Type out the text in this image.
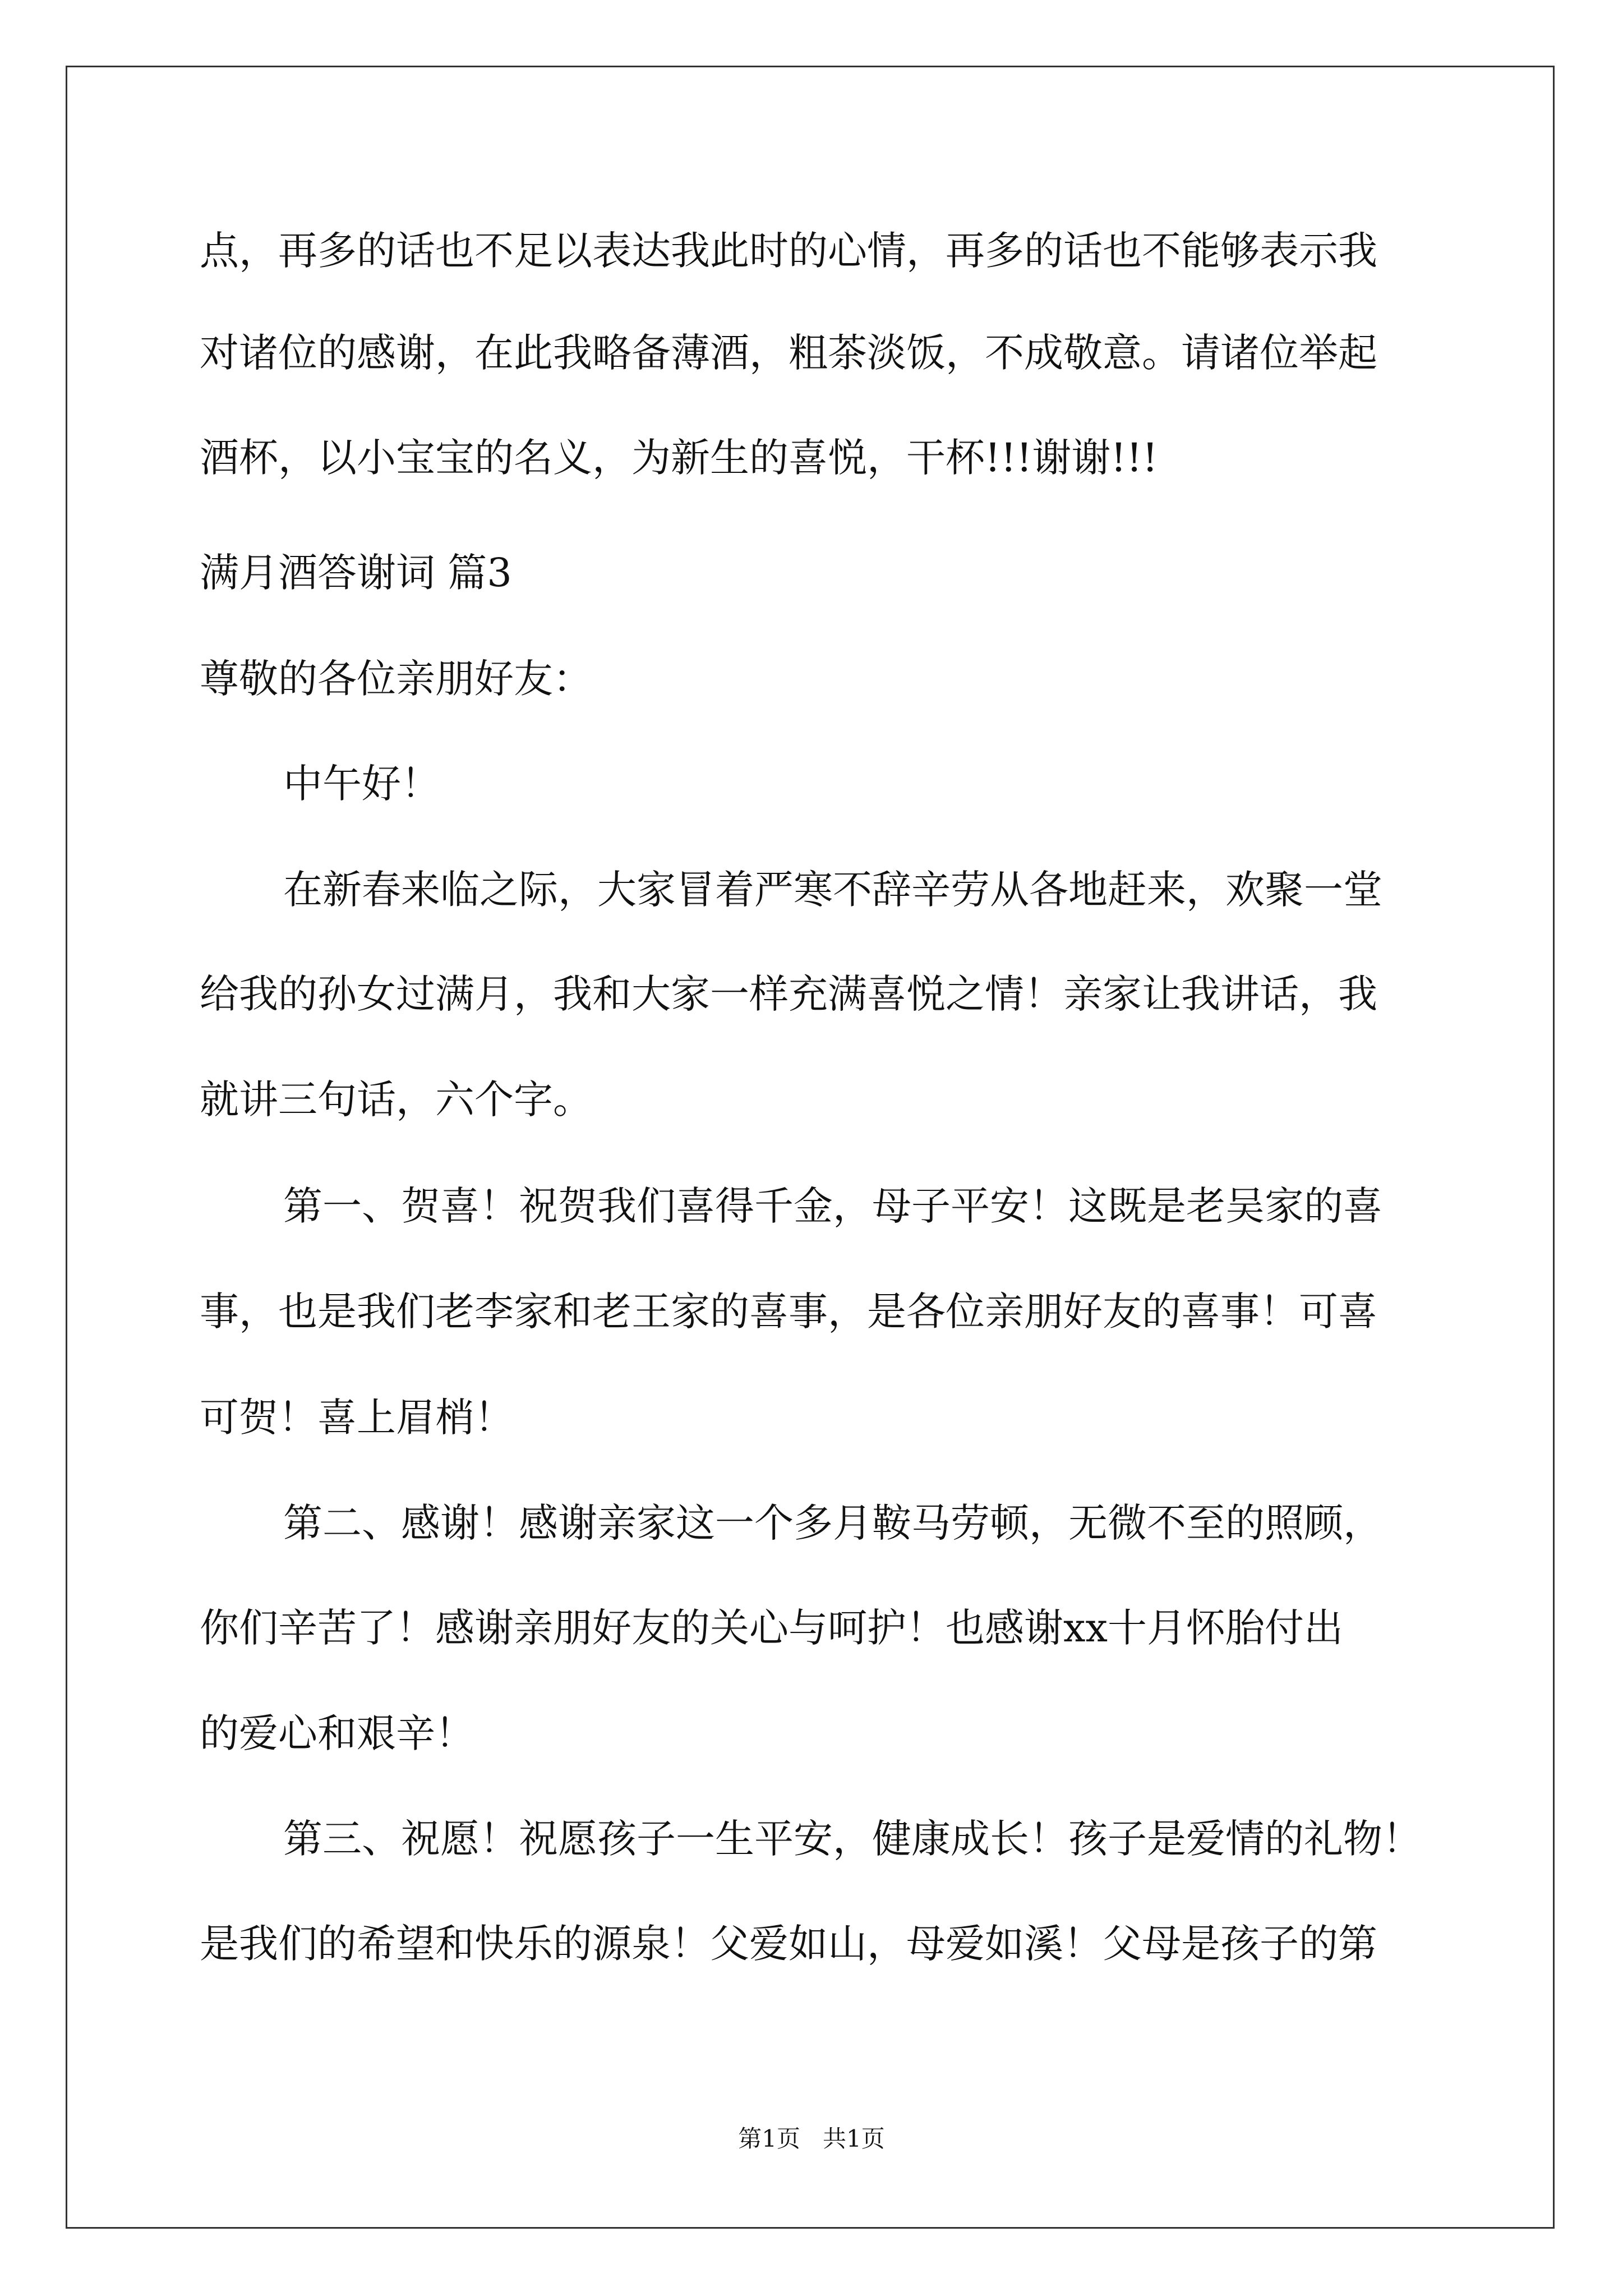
点，再多的话也不足以表达我此时的心情，再多的话也不能够表示我
对诸位的感谢，在此我略备薄酒，粗茶淡饭，不成敬意。请诸位举起
酒杯，以小宝宝的名义，为新生的喜悦，干杯!!!谢谢!!!
满月酒答谢词 篇3
尊敬的各位亲朋好友：
中午好！
在新春来临之际，大家冒着严寒不辞辛劳从各地赶来，欢聚一堂
给我的孙女过满月，我和大家一样充满喜悦之情！亲家让我讲话，我
就讲三句话，六个字。
第一、贺喜！祝贺我们喜得千金，母子平安！这既是老吴家的喜
事，也是我们老李家和老王家的喜事，是各位亲朋好友的喜事！可喜
可贺！喜上眉梢！
第二、感谢！感谢亲家这一个多月鞍马劳顿，无微不至的照顾，
你们辛苦了！感谢亲朋好友的关心与呵护！也感谢xx十月怀胎付出
的爱心和艰辛！
第三、祝愿！祝愿孩子一生平安，健康成长！孩子是爱情的礼物！
是我们的希望和快乐的源泉！父爱如山，母爱如溪！父母是孩子的第
第1页   共1页
